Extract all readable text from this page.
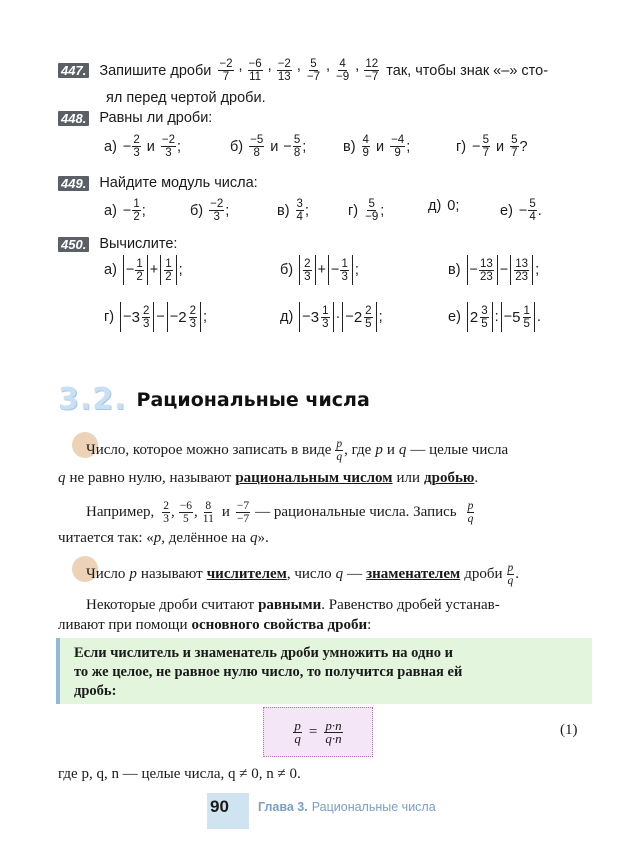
447. Запишите дроби $\frac{-2}{7}$ , $\frac{-6}{11}$ , $\frac{-2}{13}$ , $\frac{5}{-7}$ , $\frac{4}{-9}$ , $\frac{12}{-7}$ так, чтобы знак «–» сто-
ял перед чертой дроби.
448. Равны ли дроби:
$а) - \frac{2}{3}$ и $\frac{-2}{3}$ ;	$б) \frac{-5}{8}$ $и - \frac{5}{8}$ ;	$в) \frac{4}{9}$ и $\frac{-4}{9}$ ;	$г) - \frac{5}{7}$ и $\frac{5}{7}$ ?
449. Найдите модуль числа:
$а) - \frac{1}{2}$ ;	$б) \frac{-2}{3}$ ;	$в) \frac{3}{4}$ ;	$г) \frac{5}{-9}$ ;	д) 0;	$е) - \frac{5}{4}$ .
450. Вычислите:
$а) - \frac{1}{2} + \frac{1}{2}$ ;	$б) \frac{2}{3}$ + − $\frac{1}{3}$ ;	$в) - \frac{13}{23} - \frac{13}{23}$ ;
$г) - 3 \frac{2}{3}$ − − $2 \frac{2}{3}$ ;	$д) - 3 \frac{1}{3}$ · − $2 \frac{2}{5}$ ;	е) $2 \frac{3}{5}$ : − $5 \frac{1}{5}$ .
3.2. Рациональные числа
Число, которое можно записать в виде $\frac{p}{q}$ , где p и q — целые числа
q не равно нулю, называют рациональным числом или дробью .
Например, $\frac{2}{3}$ , $\frac{-6}{5}$ , $\frac{8}{11}$ и $\frac{-7}{-7}$ — рациональные числа. Запись $\frac{p}{q}$
читается так: « p , делённое на q ».
Число p называют числителем , число q — знаменателем дроби $\frac{p}{q}$ .
Некоторые дроби считают равными . Равенство дробей устанав-
ливают при помощи основного свойства дроби :
Если числитель и знаменатель дроби умножить на одно и
то же целое, не равное нулю число, то получится равная ей
дробь:
$\frac{p}{q} = \frac{p\cdot n}{q\cdot n}$	(1)
где p, q, n — целые числа, q ≠ 0, n ≠ 0.
90 Глава 3. Рациональные числа
